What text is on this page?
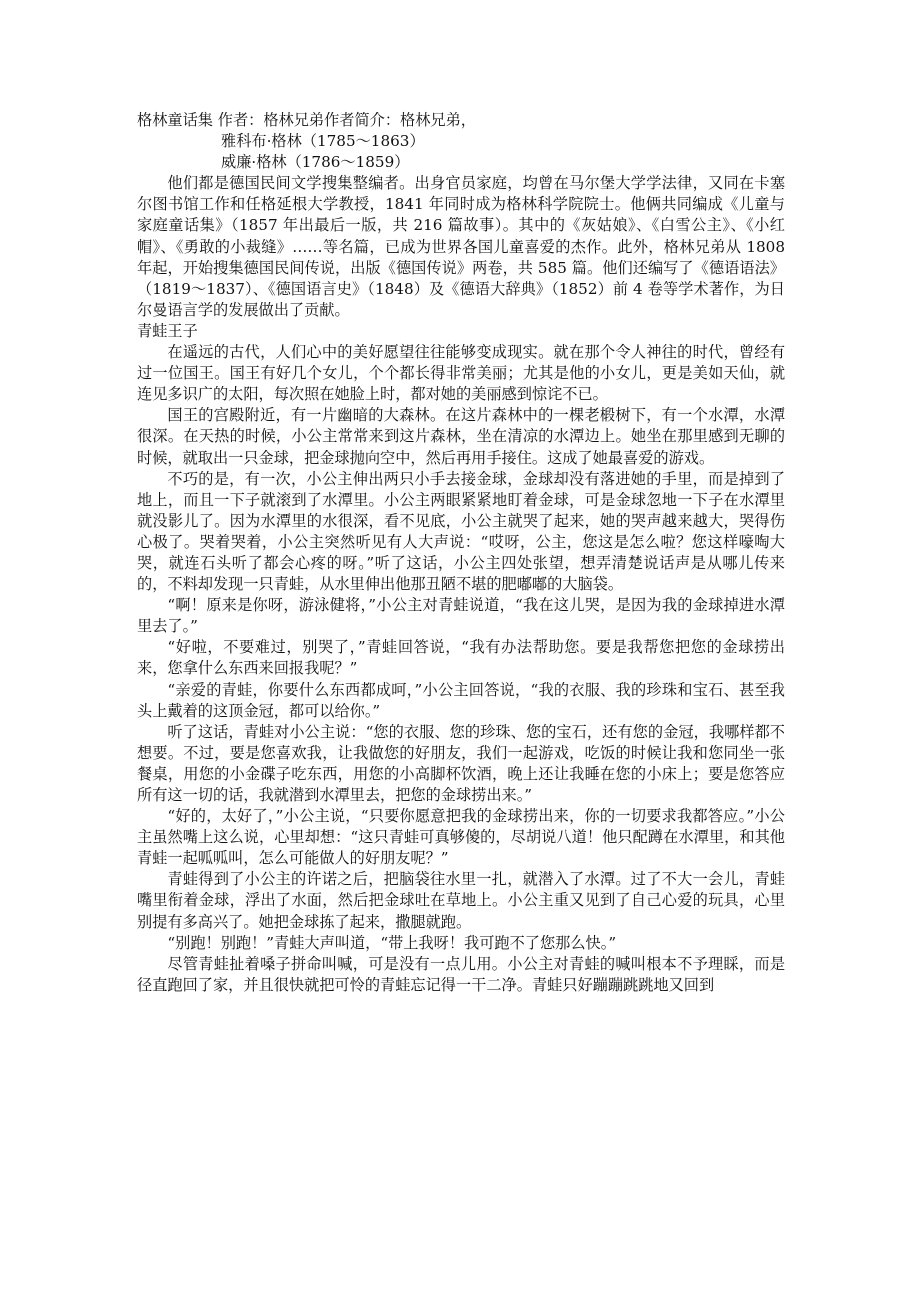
格林童话集 作者：格林兄弟作者简介：格林兄弟，

雅科布·格林（1785～1863）

威廉·格林（1786～1859）

他们都是德国民间文学搜集整编者。出身官员家庭，均曾在马尔堡大学学法律，又同在卡塞尔图书馆工作和任格延根大学教授，1841 年同时成为格林科学院院士。他俩共同编成《儿童与家庭童话集》（1857 年出最后一版，共 216 篇故事）。其中的《灰姑娘》、《白雪公主》、《小红帽》、《勇敢的小裁缝》……等名篇，已成为世界各国儿童喜爱的杰作。此外，格林兄弟从 1808 年起，开始搜集德国民间传说，出版《德国传说》两卷，共 585 篇。他们还编写了《德语语法》（1819～1837）、《德国语言史》（1848）及《德语大辞典》（1852）前 4 卷等学术著作，为日尔曼语言学的发展做出了贡献。

青蛙王子

在遥远的古代，人们心中的美好愿望往往能够变成现实。就在那个令人神往的时代，曾经有过一位国王。国王有好几个女儿，个个都长得非常美丽；尤其是他的小女儿，更是美如天仙，就连见多识广的太阳，每次照在她脸上时，都对她的美丽感到惊诧不已。

国王的宫殿附近，有一片幽暗的大森林。在这片森林中的一棵老椴树下，有一个水潭，水潭很深。在天热的时候，小公主常常来到这片森林，坐在清凉的水潭边上。她坐在那里感到无聊的时候，就取出一只金球，把金球抛向空中，然后再用手接住。这成了她最喜爱的游戏。

不巧的是，有一次，小公主伸出两只小手去接金球，金球却没有落进她的手里，而是掉到了地上，而且一下子就滚到了水潭里。小公主两眼紧紧地盯着金球，可是金球忽地一下子在水潭里就没影儿了。因为水潭里的水很深，看不见底，小公主就哭了起来，她的哭声越来越大，哭得伤心极了。哭着哭着，小公主突然听见有人大声说：“哎呀，公主，您这是怎么啦？您这样嚎啕大哭，就连石头听了都会心疼的呀。”听了这话，小公主四处张望，想弄清楚说话声是从哪儿传来的，不料却发现一只青蛙，从水里伸出他那丑陋不堪的肥嘟嘟的大脑袋。

“啊！原来是你呀，游泳健将，”小公主对青蛙说道，“我在这儿哭，是因为我的金球掉进水潭里去了。”

“好啦，不要难过，别哭了，”青蛙回答说，“我有办法帮助您。要是我帮您把您的金球捞出来，您拿什么东西来回报我呢？”

“亲爱的青蛙，你要什么东西都成呵，”小公主回答说，“我的衣服、我的珍珠和宝石、甚至我头上戴着的这顶金冠，都可以给你。”

听了这话，青蛙对小公主说：“您的衣服、您的珍珠、您的宝石，还有您的金冠，我哪样都不想要。不过，要是您喜欢我，让我做您的好朋友，我们一起游戏，吃饭的时候让我和您同坐一张餐桌，用您的小金碟子吃东西，用您的小高脚杯饮酒，晚上还让我睡在您的小床上；要是您答应所有这一切的话，我就潜到水潭里去，把您的金球捞出来。”

“好的，太好了，”小公主说，“只要你愿意把我的金球捞出来，你的一切要求我都答应。”小公主虽然嘴上这么说，心里却想：“这只青蛙可真够傻的，尽胡说八道！他只配蹲在水潭里，和其他青蛙一起呱呱叫，怎么可能做人的好朋友呢？”

青蛙得到了小公主的许诺之后，把脑袋往水里一扎，就潜入了水潭。过了不大一会儿，青蛙嘴里衔着金球，浮出了水面，然后把金球吐在草地上。小公主重又见到了自己心爱的玩具，心里别提有多高兴了。她把金球拣了起来，撒腿就跑。

“别跑！别跑！”青蛙大声叫道，“带上我呀！我可跑不了您那么快。”

尽管青蛙扯着嗓子拼命叫喊，可是没有一点儿用。小公主对青蛙的喊叫根本不予理睬，而是径直跑回了家，并且很快就把可怜的青蛙忘记得一干二净。青蛙只好蹦蹦跳跳地又回到
